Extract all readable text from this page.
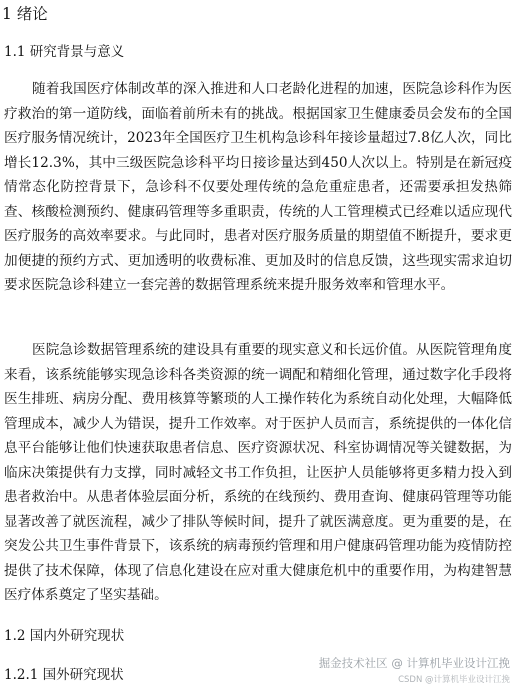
1 绪论
1.1 研究背景与意义
随着我国医疗体制改革的深入推进和人口老龄化进程的加速，医院急诊科作为医疗救治的第一道防线，面临着前所未有的挑战。根据国家卫生健康委员会发布的全国医疗服务情况统计，2023年全国医疗卫生机构急诊科年接诊量超过7.8亿人次，同比增长12.3%，其中三级医院急诊科平均日接诊量达到450人次以上。特别是在新冠疫情常态化防控背景下，急诊科不仅要处理传统的急危重症患者，还需要承担发热筛查、核酸检测预约、健康码管理等多重职责，传统的人工管理模式已经难以适应现代医疗服务的高效率要求。与此同时，患者对医疗服务质量的期望值不断提升，要求更加便捷的预约方式、更加透明的收费标准、更加及时的信息反馈，这些现实需求迫切要求医院急诊科建立一套完善的数据管理系统来提升服务效率和管理水平。
医院急诊数据管理系统的建设具有重要的现实意义和长远价值。从医院管理角度来看，该系统能够实现急诊科各类资源的统一调配和精细化管理，通过数字化手段将医生排班、病房分配、费用核算等繁琐的人工操作转化为系统自动化处理，大幅降低管理成本，减少人为错误，提升工作效率。对于医护人员而言，系统提供的一体化信息平台能够让他们快速获取患者信息、医疗资源状况、科室协调情况等关键数据，为临床决策提供有力支撑，同时减轻文书工作负担，让医护人员能够将更多精力投入到患者救治中。从患者体验层面分析，系统的在线预约、费用查询、健康码管理等功能显著改善了就医流程，减少了排队等候时间，提升了就医满意度。更为重要的是，在突发公共卫生事件背景下，该系统的病毒预约管理和用户健康码管理功能为疫情防控提供了技术保障，体现了信息化建设在应对重大健康危机中的重要作用，为构建智慧医疗体系奠定了坚实基础。
1.2 国内外研究现状
1.2.1 国外研究现状
掘金技术社区 @ 计算机毕业设计江挽
CSDN @计算机毕业设计江挽
